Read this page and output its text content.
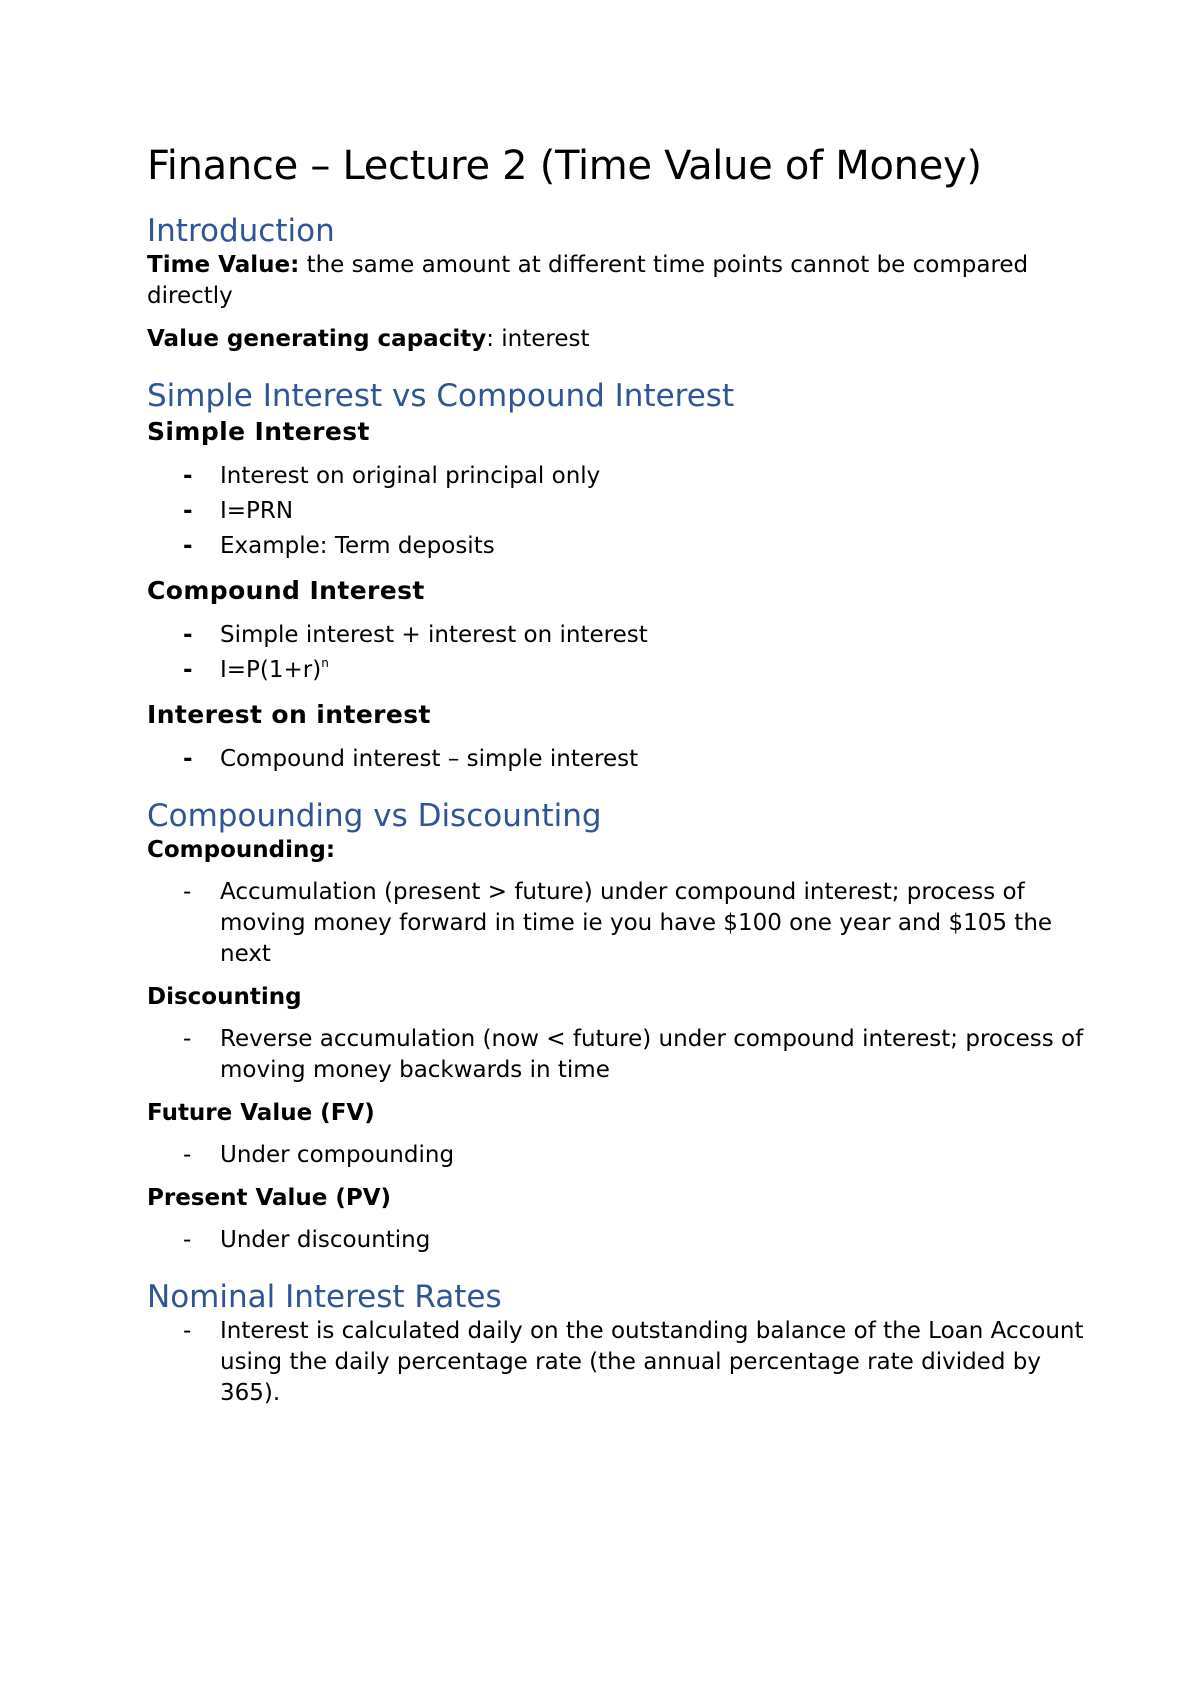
Finance – Lecture 2 (Time Value of Money)
Introduction

Time Value: the same amount at different time points cannot be compared directly

Value generating capacity: interest

Simple Interest vs Compound Interest
Simple Interest
- Interest on original principal only
- I=PRN
- Example: Term deposits
Compound Interest
- Simple interest + interest on interest
- $I=P(1+r)^n$
Interest on interest
- Compound interest – simple interest
Compounding vs Discounting
Compounding:
- Accumulation (present > future) under compound interest; process of moving money forward in time ie you have $100 one year and $105 the next
Discounting
- Reverse accumulation (now < future) under compound interest; process of moving money backwards in time
Future Value (FV)
- Under compounding
Present Value (PV)
- Under discounting
Nominal Interest Rates
- Interest is calculated daily on the outstanding balance of the Loan Account using the daily percentage rate (the annual percentage rate divided by 365).
